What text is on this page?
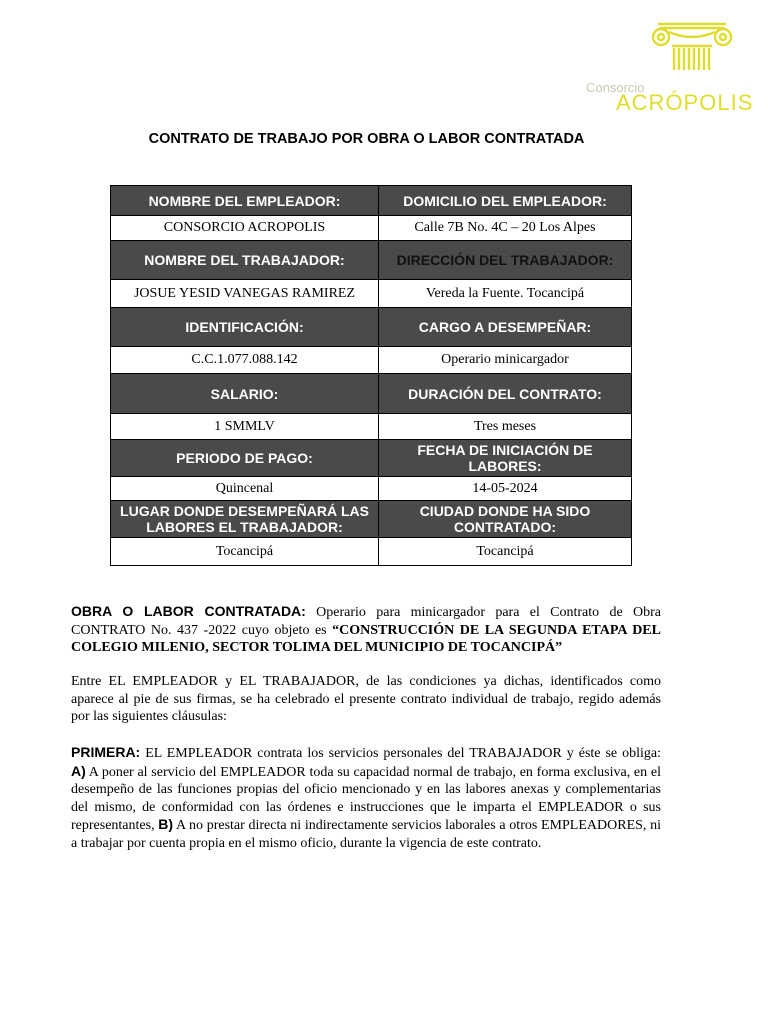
Consorcio
ACRÓPOLIS
CONTRATO DE TRABAJO POR OBRA O LABOR CONTRATADA
NOMBRE DEL EMPLEADOR:	DOMICILIO DEL EMPLEADOR:
CONSORCIO ACROPOLIS	Calle 7B No. 4C – 20 Los Alpes
NOMBRE DEL TRABAJADOR:	DIRECCIÓN DEL TRABAJADOR:
JOSUE YESID VANEGAS RAMIREZ	Vereda la Fuente. Tocancipá
IDENTIFICACIÓN:	CARGO A DESEMPEÑAR:
C.C.1.077.088.142	Operario minicargador
SALARIO:	DURACIÓN DEL CONTRATO:
1 SMMLV	Tres meses
PERIODO DE PAGO:	FECHA DE INICIACIÓN DE LABORES:
Quincenal	14-05-2024
LUGAR DONDE DESEMPEÑARÁ LAS LABORES EL TRABAJADOR:	CIUDAD DONDE HA SIDO CONTRATADO:
Tocancipá	Tocancipá
OBRA O LABOR CONTRATADA: Operario para minicargador para el Contrato de Obra CONTRATO No. 437 -2022 cuyo objeto es “CONSTRUCCIÓN DE LA SEGUNDA ETAPA DEL COLEGIO MILENIO, SECTOR TOLIMA DEL MUNICIPIO DE TOCANCIPÁ”
Entre EL EMPLEADOR y EL TRABAJADOR, de las condiciones ya dichas, identificados como aparece al pie de sus firmas, se ha celebrado el presente contrato individual de trabajo, regido además por las siguientes cláusulas:
PRIMERA: EL EMPLEADOR contrata los servicios personales del TRABAJADOR y éste se obliga: A) A poner al servicio del EMPLEADOR toda su capacidad normal de trabajo, en forma exclusiva, en el desempeño de las funciones propias del oficio mencionado y en las labores anexas y complementarias del mismo, de conformidad con las órdenes e instrucciones que le imparta el EMPLEADOR o sus representantes, B) A no prestar directa ni indirectamente servicios laborales a otros EMPLEADORES, ni a trabajar por cuenta propia en el mismo oficio, durante la vigencia de este contrato.
